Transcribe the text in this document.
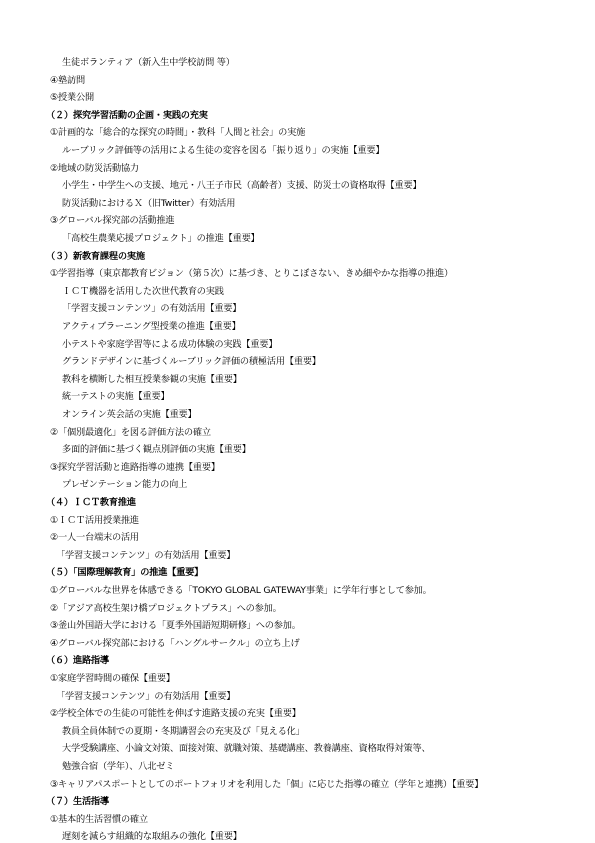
生徒ボランティア（新入生中学校訪問 等）
④塾訪問
⑤授業公開
（２）探究学習活動の企画・実践の充実
①計画的な「総合的な探究の時間」・教科「人間と社会」の実施
ルーブリック評価等の活用による生徒の変容を図る「振り返り」の実施【重要】
②地域の防災活動協力
小学生・中学生への支援、地元・八王子市民（高齢者）支援、防災士の資格取得【重要】
防災活動におけるＸ（旧Twitter）有効活用
③グローバル探究部の活動推進
「高校生農業応援プロジェクト」の推進【重要】
（３）新教育課程の実施
①学習指導（東京都教育ビジョン（第５次）に基づき、とりこぼさない、きめ細やかな指導の推進）
ＩＣＴ機器を活用した次世代教育の実践
「学習支援コンテンツ」の有効活用【重要】
アクティブラーニング型授業の推進【重要】
小テストや家庭学習等による成功体験の実践【重要】
グランドデザインに基づくルーブリック評価の積極活用【重要】
教科を横断した相互授業参観の実施【重要】
統一テストの実施【重要】
オンライン英会話の実施【重要】
②「個別最適化」を図る評価方法の確立
多面的評価に基づく観点別評価の実施【重要】
③探究学習活動と進路指導の連携【重要】
プレゼンテーション能力の向上
（４）ＩＣＴ教育推進
①ＩＣＴ活用授業推進
②一人一台端末の活用
「学習支援コンテンツ」の有効活用【重要】
（５）「国際理解教育」の推進【重要】
①グローバルな世界を体感できる「TOKYO GLOBAL GATEWAY事業」に学年行事として参加。
②「アジア高校生架け橋プロジェクトプラス」への参加。
③釜山外国語大学における「夏季外国語短期研修」への参加。
④グローバル探究部における「ハングルサークル」の立ち上げ
（６）進路指導
①家庭学習時間の確保【重要】
「学習支援コンテンツ」の有効活用【重要】
②学校全体での生徒の可能性を伸ばす進路支援の充実【重要】
教員全員体制での夏期・冬期講習会の充実及び「見える化」
大学受験講座、小論文対策、面接対策、就職対策、基礎講座、教養講座、資格取得対策等、
勉強合宿（学年）、八北ゼミ
③キャリアパスポートとしてのポートフォリオを利用した「個」に応じた指導の確立（学年と連携）【重要】
（７）生活指導
①基本的生活習慣の確立
遅刻を減らす組織的な取組みの強化【重要】
